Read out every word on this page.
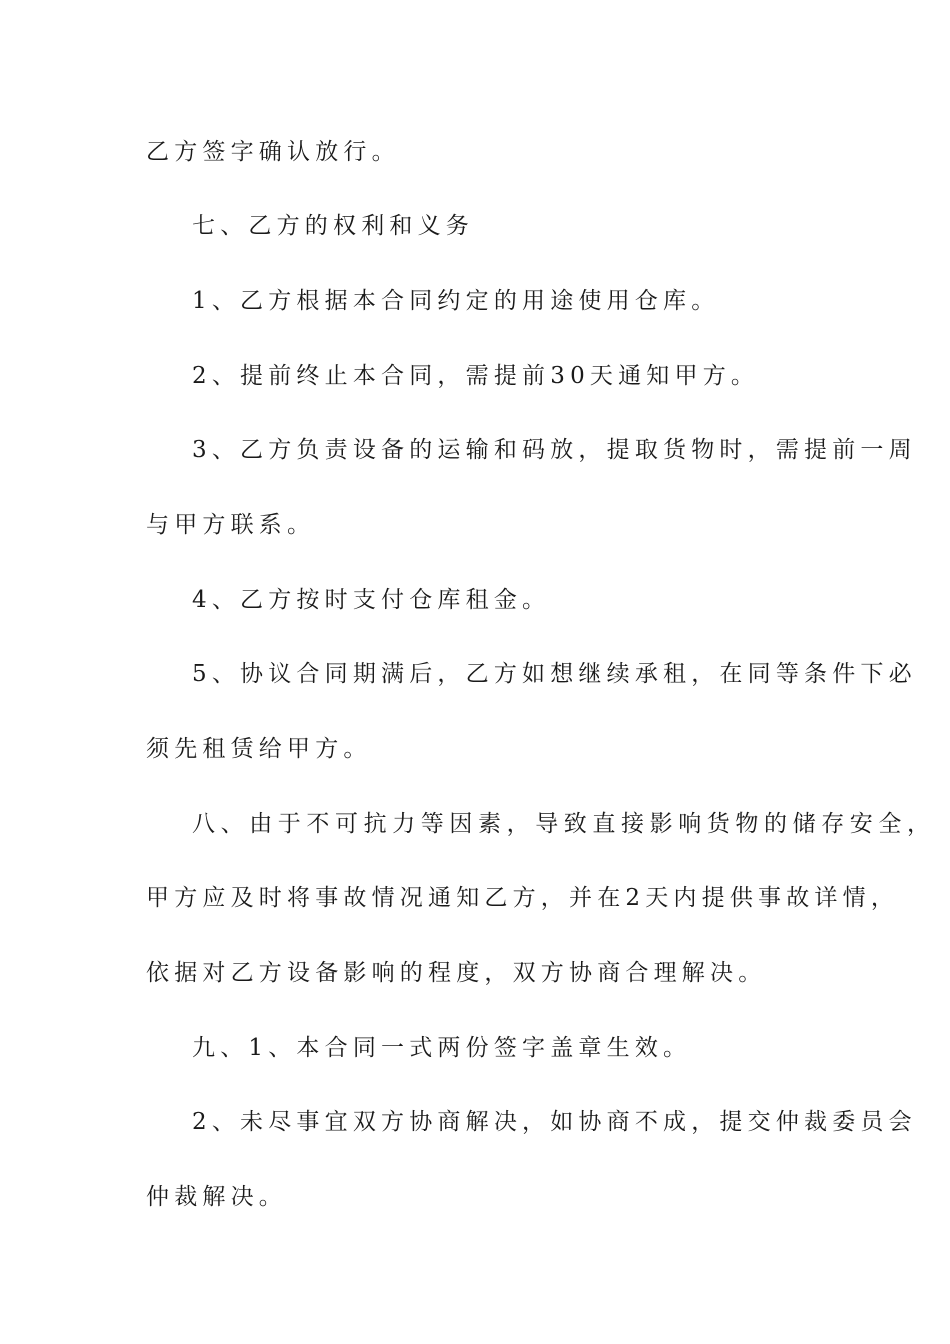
乙方签字确认放行。
七、乙方的权利和义务
1、乙方根据本合同约定的用途使用仓库。
2、提前终止本合同，需提前30天通知甲方。
3、乙方负责设备的运输和码放，提取货物时，需提前一周
与甲方联系。
4、乙方按时支付仓库租金。
5、协议合同期满后，乙方如想继续承租，在同等条件下必
须先租赁给甲方。
八、由于不可抗力等因素，导致直接影响货物的储存安全，
甲方应及时将事故情况通知乙方，并在2天内提供事故详情，
依据对乙方设备影响的程度，双方协商合理解决。
九、1、本合同一式两份签字盖章生效。
2、未尽事宜双方协商解决，如协商不成，提交仲裁委员会
仲裁解决。
